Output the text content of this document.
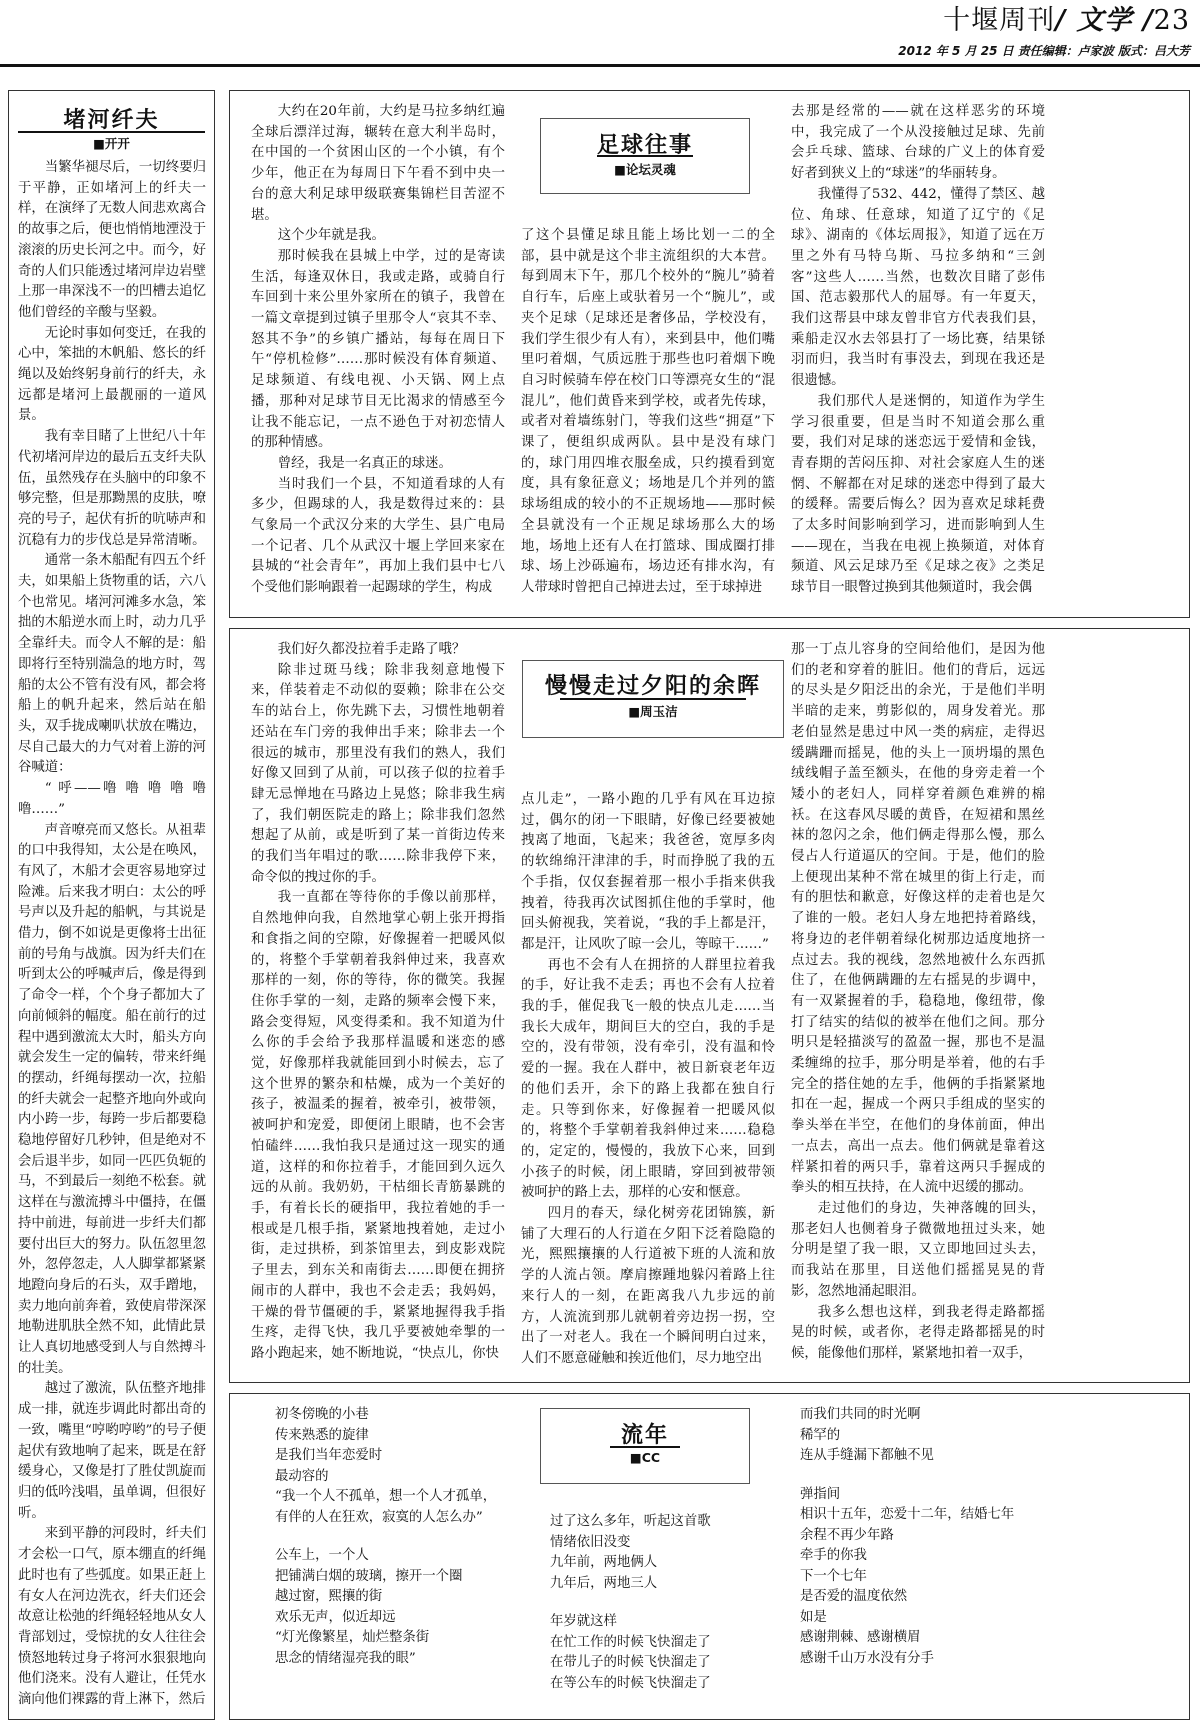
十堰周刊/ 文学 /23
2012 年 5 月 25 日 责任编辑：卢家波 版式：吕大芳
堵河纤夫
■开开

当繁华褪尽后，一切终要归于平静，正如堵河上的纤夫一样，在演绎了无数人间悲欢离合的故事之后，便也悄悄地湮没于滚滚的历史长河之中。而今，好奇的人们只能透过堵河岸边岩壁上那一串深浅不一的凹槽去追忆他们曾经的辛酸与坚毅。

无论时事如何变迁，在我的心中，笨拙的木帆船、悠长的纤绳以及始终躬身前行的纤夫，永远都是堵河上最靓丽的一道风景。

我有幸目睹了上世纪八十年代初堵河岸边的最后五支纤夫队伍，虽然残存在头脑中的印象不够完整，但是那黝黑的皮肤，嘹亮的号子，起伏有折的吭哧声和沉稳有力的步伐总是异常清晰。

通常一条木船配有四五个纤夫，如果船上货物重的话，六八个也常见。堵河河滩多水急，笨拙的木船逆水而上时，动力几乎全靠纤夫。而令人不解的是：船即将行至特别湍急的地方时，驾船的太公不管有没有风，都会将船上的帆升起来，然后站在船头，双手拢成喇叭状放在嘴边，尽自己最大的力气对着上游的河谷喊道：

“ 呼——噜 噜 噜 噜 噜 噜……”

声音嘹亮而又悠长。从祖辈的口中我得知，太公是在唤风，有风了，木船才会更容易地穿过险滩。后来我才明白：太公的呼号声以及升起的船帆，与其说是借力，倒不如说是更像将士出征前的号角与战旗。因为纤夫们在听到太公的呼喊声后，像是得到了命令一样，个个身子都加大了向前倾斜的幅度。船在前行的过程中遇到激流太大时，船头方向就会发生一定的偏转，带来纤绳的摆动，纤绳每摆动一次，拉船的纤夫就会一起整齐地向外或向内小跨一步，每跨一步后都要稳稳地停留好几秒钟，但是绝对不会后退半步，如同一匹匹负轭的马，不到最后一刻绝不松套。就这样在与激流搏斗中僵持，在僵持中前进，每前进一步纤夫们都要付出巨大的努力。队伍忽里忽外，忽停忽走，人人脚掌都紧紧地蹬向身后的石头，双手蹭地，卖力地向前奔着，致使肩带深深地勒进肌肤全然不知，此情此景让人真切地感受到人与自然搏斗的壮美。

越过了激流，队伍整齐地排成一排，就连步调此时都出奇的一致，嘴里“哼哟哼哟”的号子便起伏有致地响了起来，既是在舒缓身心，又像是打了胜仗凯旋而归的低吟浅唱，虽单调，但很好听。

来到平静的河段时，纤夫们才会松一口气，原本绷直的纤绳此时也有了些弧度。如果正赶上有女人在河边洗衣，纤夫们还会故意让松弛的纤绳轻轻地从女人背部划过，受惊扰的女人往往会愤怒地转过身子将河水狠狠地向他们浇来。没有人避让，任凭水滴向他们裸露的背上淋下，然后

足球往事
■论坛灵魂

大约在20年前，大约是马拉多纳红遍全球后漂洋过海，辗转在意大利半岛时，在中国的一个贫困山区的一个小镇，有个少年，他正在为每周日下午看不到中央一台的意大利足球甲级联赛集锦栏目苦涩不堪。

这个少年就是我。

那时候我在县城上中学，过的是寄读生活，每逢双休日，我或走路，或骑自行车回到十来公里外家所在的镇子，我曾在一篇文章提到过镇子里那令人“哀其不幸、怒其不争”的乡镇广播站，每每在周日下午“停机检修”……那时候没有体育频道、足球频道、有线电视、小天锅、网上点播，那种对足球节目无比渴求的情感至今让我不能忘记，一点不逊色于对初恋情人的那种情感。

曾经，我是一名真正的球迷。

当时我们一个县，不知道看球的人有多少，但踢球的人，我是数得过来的：县气象局一个武汉分来的大学生、县广电局一个记者、几个从武汉十堰上学回来家在县城的“社会青年”，再加上我们县中七八个受他们影响跟着一起踢球的学生，构成

了这个县懂足球且能上场比划一二的全部，县中就是这个非主流组织的大本营。每到周末下午，那几个校外的“腕儿”骑着自行车，后座上或驮着另一个“腕儿”，或夹个足球（足球还是奢侈品，学校没有，我们学生很少有人有），来到县中，他们嘴里叼着烟，气质远胜于那些也叼着烟下晚自习时候骑车停在校门口等漂亮女生的“混混儿”，他们黄昏来到学校，或者先传球，或者对着墙练射门，等我们这些“拥趸”下课了，便组织成两队。县中是没有球门的，球门用四堆衣服垒成，只约摸看到宽度，具有象征意义；场地是几个并列的篮球场组成的较小的不正规场地——那时候全县就没有一个正规足球场那么大的场地，场地上还有人在打篮球、围成圈打排球、场上沙砾遍布，场边还有排水沟，有人带球时曾把自己掉进去过，至于球掉进

去那是经常的——就在这样恶劣的环境中，我完成了一个从没接触过足球、先前会乒乓球、篮球、台球的广义上的体育爱好者到狭义上的“球迷”的华丽转身。

我懂得了532、442，懂得了禁区、越位、角球、任意球，知道了辽宁的《足球》、湖南的《体坛周报》，知道了远在万里之外有马特乌斯、马拉多纳和“三剑客”这些人……当然，也数次目睹了彭伟国、范志毅那代人的屈辱。有一年夏天，我们这帮县中球友曾非官方代表我们县，乘船走汉水去邻县打了一场比赛，结果铩羽而归，我当时有事没去，到现在我还是很遗憾。

我们那代人是迷惘的，知道作为学生学习很重要，但是当时不知道会那么重要，我们对足球的迷恋远于爱情和金钱，青春期的苦闷压抑、对社会家庭人生的迷惘、不解都在对足球的迷恋中得到了最大的缓释。需要后悔么？因为喜欢足球耗费了太多时间影响到学习，进而影响到人生——现在，当我在电视上换频道，对体育频道、风云足球乃至《足球之夜》之类足球节目一眼瞥过换到其他频道时，我会偶

慢慢走过夕阳的余晖
■周玉洁

我们好久都没拉着手走路了哦？

除非过斑马线；除非我刻意地慢下来，佯装着走不动似的耍赖；除非在公交车的站台上，你先跳下去，习惯性地朝着还站在车门旁的我伸出手来；除非去一个很远的城市，那里没有我们的熟人，我们好像又回到了从前，可以孩子似的拉着手肆无忌惮地在马路边上晃悠；除非我生病了，我们朝医院走的路上；除非我们忽然想起了从前，或是听到了某一首街边传来的我们当年唱过的歌……除非我停下来，命令似的拽过你的手。

我一直都在等待你的手像以前那样，自然地伸向我，自然地掌心朝上张开拇指和食指之间的空隙，好像握着一把暖风似的，将整个手掌朝着我斜伸过来，我喜欢那样的一刻，你的等待，你的微笑。我握住你手掌的一刻，走路的频率会慢下来，路会变得短，风变得柔和。我不知道为什么你的手会给予我那样温暖和迷恋的感觉，好像那样我就能回到小时候去，忘了这个世界的繁杂和枯燥，成为一个美好的孩子，被温柔的握着，被牵引，被带领，被呵护和宠爱，即便闭上眼睛，也不会害怕磕绊……我怕我只是通过这一现实的通道，这样的和你拉着手，才能回到久远久远的从前。我奶奶，干枯细长青筋暴跳的手，有着长长的硬指甲，我拉着她的手一根或是几根手指，紧紧地拽着她，走过小街，走过拱桥，到茶馆里去，到皮影戏院子里去，到东关和南街去……即便在拥挤闹市的人群中，我也不会走丢；我妈妈，干燥的骨节僵硬的手，紧紧地握得我手指生疼，走得飞快，我几乎要被她牵掣的一路小跑起来，她不断地说，“快点儿，你快

点儿走”，一路小跑的几乎有风在耳边掠过，偶尔的闭一下眼睛，好像已经要被她拽离了地面，飞起来；我爸爸，宽厚多肉的软绵绵汗津津的手，时而挣脱了我的五个手指，仅仅套握着那一根小手指来供我拽着，待我再次试图抓住他的手掌时，他回头俯视我，笑着说，“我的手上都是汗，都是汗，让风吹了晾一会儿，等晾干……”

再也不会有人在拥挤的人群里拉着我的手，好让我不走丢；再也不会有人拉着我的手，催促我飞一般的快点儿走……当我长大成年，期间巨大的空白，我的手是空的，没有带领，没有牵引，没有温和怜爱的一握。我在人群中，被日新衰老年迈的他们丢开，余下的路上我都在独自行走。只等到你来，好像握着一把暖风似的，将整个手掌朝着我斜伸过来……稳稳的，定定的，慢慢的，我放下心来，回到小孩子的时候，闭上眼睛，穿回到被带领被呵护的路上去，那样的心安和惬意。

四月的春天，绿化树旁花团锦簇，新铺了大理石的人行道在夕阳下泛着隐隐的光，熙熙攘攘的人行道被下班的人流和放学的人流占领。摩肩擦踵地躲闪着路上往来行人的一刻，在距离我八九步远的前方，人流流到那儿就朝着旁边拐一拐，空出了一对老人。我在一个瞬间明白过来，人们不愿意碰触和挨近他们，尽力地空出

那一丁点儿容身的空间给他们，是因为他们的老和穿着的脏旧。他们的背后，远远的尽头是夕阳泛出的余光，于是他们半明半暗的走来，剪影似的，周身发着光。那老伯显然是患过中风一类的病症，走得迟缓蹒跚而摇晃，他的头上一顶坍塌的黑色绒线帽子盖至额头，在他的身旁走着一个矮小的老妇人，同样穿着颜色难辨的棉袄。在这春风尽暖的黄昏，在短裙和黑丝袜的忽闪之余，他们俩走得那么慢，那么侵占人行道逼仄的空间。于是，他们的脸上便现出某种不常在城里的街上行走，而有的胆怯和歉意，好像这样的走着也是欠了谁的一般。老妇人身左地把持着路线，将身边的老伴朝着绿化树那边适度地挤一点过去。我的视线，忽然地被什么东西抓住了，在他俩蹒跚的左右摇晃的步调中，有一双紧握着的手，稳稳地，像纽带，像打了结实的结似的被举在他们之间。那分明只是轻描淡写的盈盈一握，那也不是温柔缠绵的拉手，那分明是举着，他的右手完全的搭住她的左手，他俩的手指紧紧地扣在一起，握成一个两只手组成的坚实的拳头举在半空，在他们的身体前面，伸出一点去，高出一点去。他们俩就是靠着这样紧扣着的两只手，靠着这两只手握成的拳头的相互扶持，在人流中迟缓的挪动。

走过他们的身边，失神落魄的回头，那老妇人也侧着身子微微地扭过头来，她分明是望了我一眼，又立即地回过头去，而我站在那里，目送他们摇摇晃晃的背影，忽然地涌起眼泪。

我多么想也这样，到我老得走路都摇晃的时候，或者你，老得走路都摇晃的时候，能像他们那样，紧紧地扣着一双手，

流年
■CC
初冬傍晚的小巷
传来熟悉的旋律
是我们当年恋爱时
最动容的
“我一个人不孤单，想一个人才孤单，
有伴的人在狂欢，寂寞的人怎么办”
公车上，一个人
把铺满白烟的玻璃，擦开一个圈
越过窗，熙攘的街
欢乐无声，似近却远
“灯光像繁星，灿烂整条街
思念的情绪湿亮我的眼”
过了这么多年，听起这首歌
情绪依旧没变
九年前，两地俩人
九年后，两地三人
年岁就这样
在忙工作的时候飞快溜走了
在带儿子的时候飞快溜走了
在等公车的时候飞快溜走了
而我们共同的时光啊
稀罕的
连从手缝漏下都触不见
弹指间
相识十五年，恋爱十二年，结婚七年
余程不再少年路
牵手的你我
下一个七年
是否爱的温度依然
如是
感谢荆棘、感谢横眉
感谢千山万水没有分手
